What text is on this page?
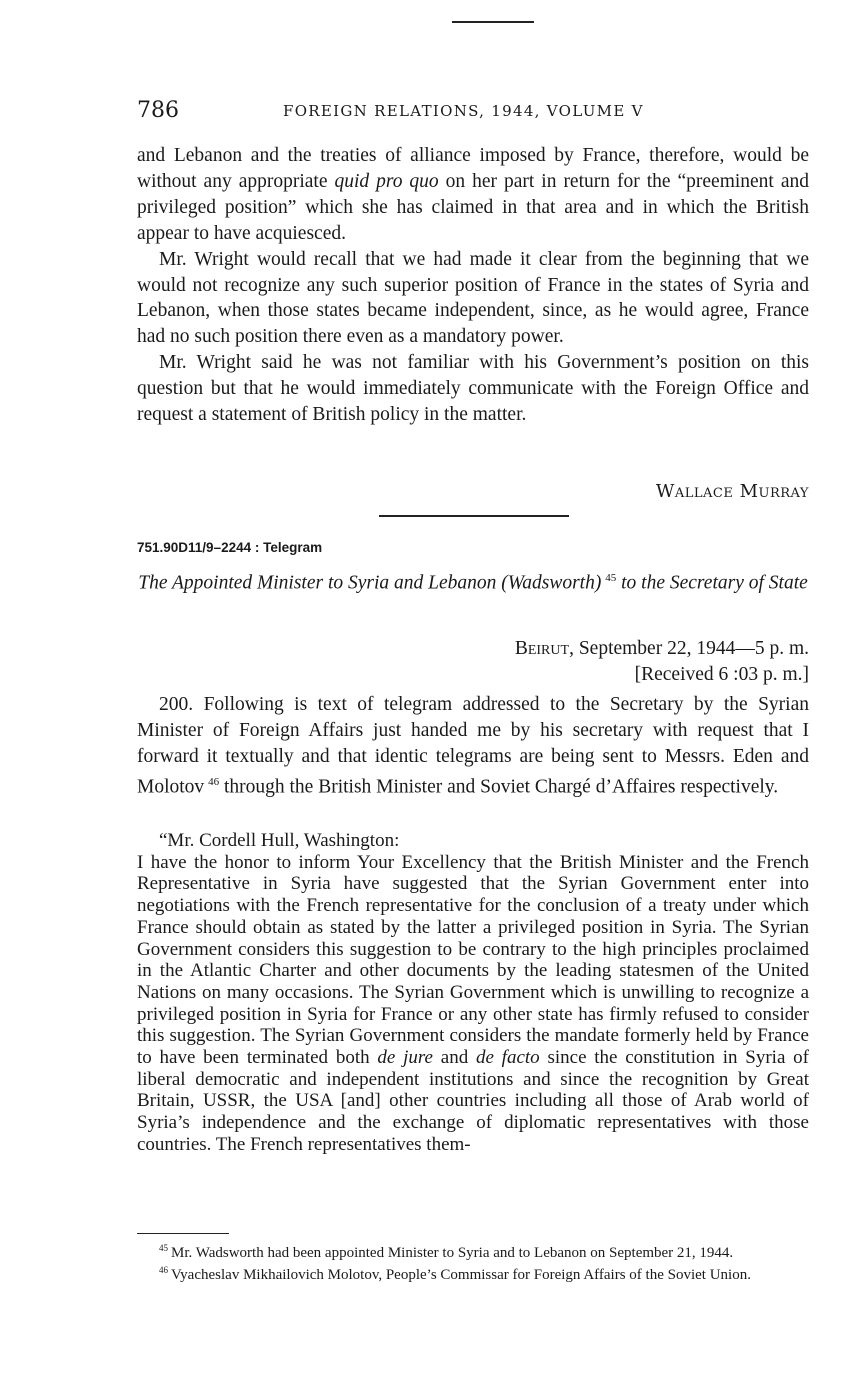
786	FOREIGN RELATIONS, 1944, VOLUME V

and Lebanon and the treaties of alliance imposed by France, therefore, would be without any appropriate quid pro quo on her part in return for the “preeminent and privileged position” which she has claimed in that area and in which the British appear to have acquiesced.

Mr. Wright would recall that we had made it clear from the beginning that we would not recognize any such superior position of France in the states of Syria and Lebanon, when those states became independent, since, as he would agree, France had no such position there even as a mandatory power.

Mr. Wright said he was not familiar with his Government’s position on this question but that he would immediately communicate with the Foreign Office and request a statement of British policy in the matter.

Wallace Murray
751.90D11/9–2244 : Telegram
The Appointed Minister to Syria and Lebanon (Wadsworth)  $^{45}$ to the Secretary of State
Beirut, September 22, 1944—5 p. m.
[Received 6 :03 p. m.]

200. Following is text of telegram addressed to the Secretary by the Syrian Minister of Foreign Affairs just handed me by his secretary with request that I forward it textually and that identic telegrams are being sent to Messrs. Eden and Molotov  $^{46}$ through the British Minister and Soviet Chargé d’Affaires respectively.

“Mr. Cordell Hull, Washington:

I have the honor to inform Your Excellency that the British Minister and the French Representative in Syria have suggested that the Syrian Government enter into negotiations with the French representative for the conclusion of a treaty under which France should obtain as stated by the latter a privileged position in Syria. The Syrian Government considers this suggestion to be contrary to the high principles proclaimed in the Atlantic Charter and other documents by the leading statesmen of the United Nations on many occasions. The Syrian Government which is unwilling to recognize a privileged position in Syria for France or any other state has firmly refused to consider this suggestion. The Syrian Government considers the mandate formerly held by France to have been terminated both de jure and de facto since the constitution in Syria of liberal democratic and independent institutions and since the recognition by Great Britain, USSR, the USA [and] other countries including all those of Arab world of Syria’s independence and the exchange of diplomatic representatives with those countries. The French representatives them-

$^{45}$  Mr. Wadsworth had been appointed Minister to Syria and to Lebanon on September 21, 1944.

$^{46}$  Vyacheslav Mikhailovich Molotov, People’s Commissar for Foreign Affairs of the Soviet Union.
